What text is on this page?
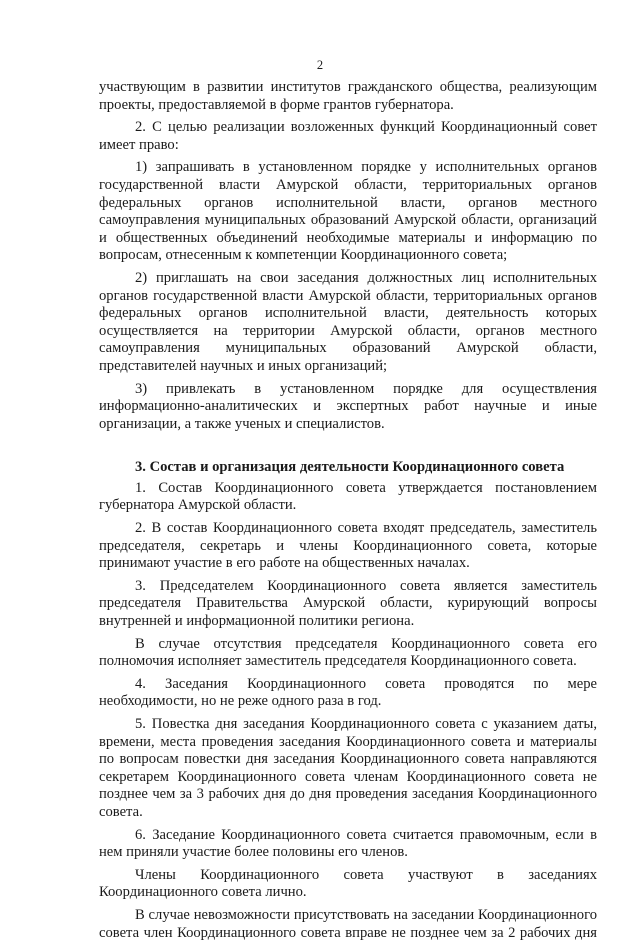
2

участвующим в развитии институтов гражданского общества, реализующим проекты, предоставляемой в форме грантов губернатора.

2. С целью реализации возложенных функций Координационный совет имеет право:

1) запрашивать в установленном порядке у исполнительных органов государственной власти Амурской области, территориальных органов федеральных органов исполнительной власти, органов местного самоуправления муниципальных образований Амурской области, организаций и общественных объединений необходимые материалы и информацию по вопросам, отнесенным к компетенции Координационного совета;

2) приглашать на свои заседания должностных лиц исполнительных органов государственной власти Амурской области, территориальных органов федеральных органов исполнительной власти, деятельность которых осуществляется на территории Амурской области, органов местного самоуправления муниципальных образований Амурской области, представителей научных и иных организаций;

3) привлекать в установленном порядке для осуществления информационно-аналитических и экспертных работ научные и иные организации, а также ученых и специалистов.

3. Состав и организация деятельности Координационного совета

1. Состав Координационного совета утверждается постановлением губернатора Амурской области.

2. В состав Координационного совета входят председатель, заместитель председателя, секретарь и члены Координационного совета, которые принимают участие в его работе на общественных началах.

3. Председателем Координационного совета является заместитель председателя Правительства Амурской области, курирующий вопросы внутренней и информационной политики региона.

В случае отсутствия председателя Координационного совета его полномочия исполняет заместитель председателя Координационного совета.

4. Заседания Координационного совета проводятся по мере необходимости, но не реже одного раза в год.

5. Повестка дня заседания Координационного совета с указанием даты, времени, места проведения заседания Координационного совета и материалы по вопросам повестки дня заседания Координационного совета направляются секретарем Координационного совета членам Координационного совета не позднее чем за 3 рабочих дня до дня проведения заседания Координационного совета.

6. Заседание Координационного совета считается правомочным, если в нем приняли участие более половины его членов.

Члены Координационного совета участвуют в заседаниях Координационного совета лично.

В случае невозможности присутствовать на заседании Координационного совета член Координационного совета вправе не позднее чем за 2 рабочих дня
